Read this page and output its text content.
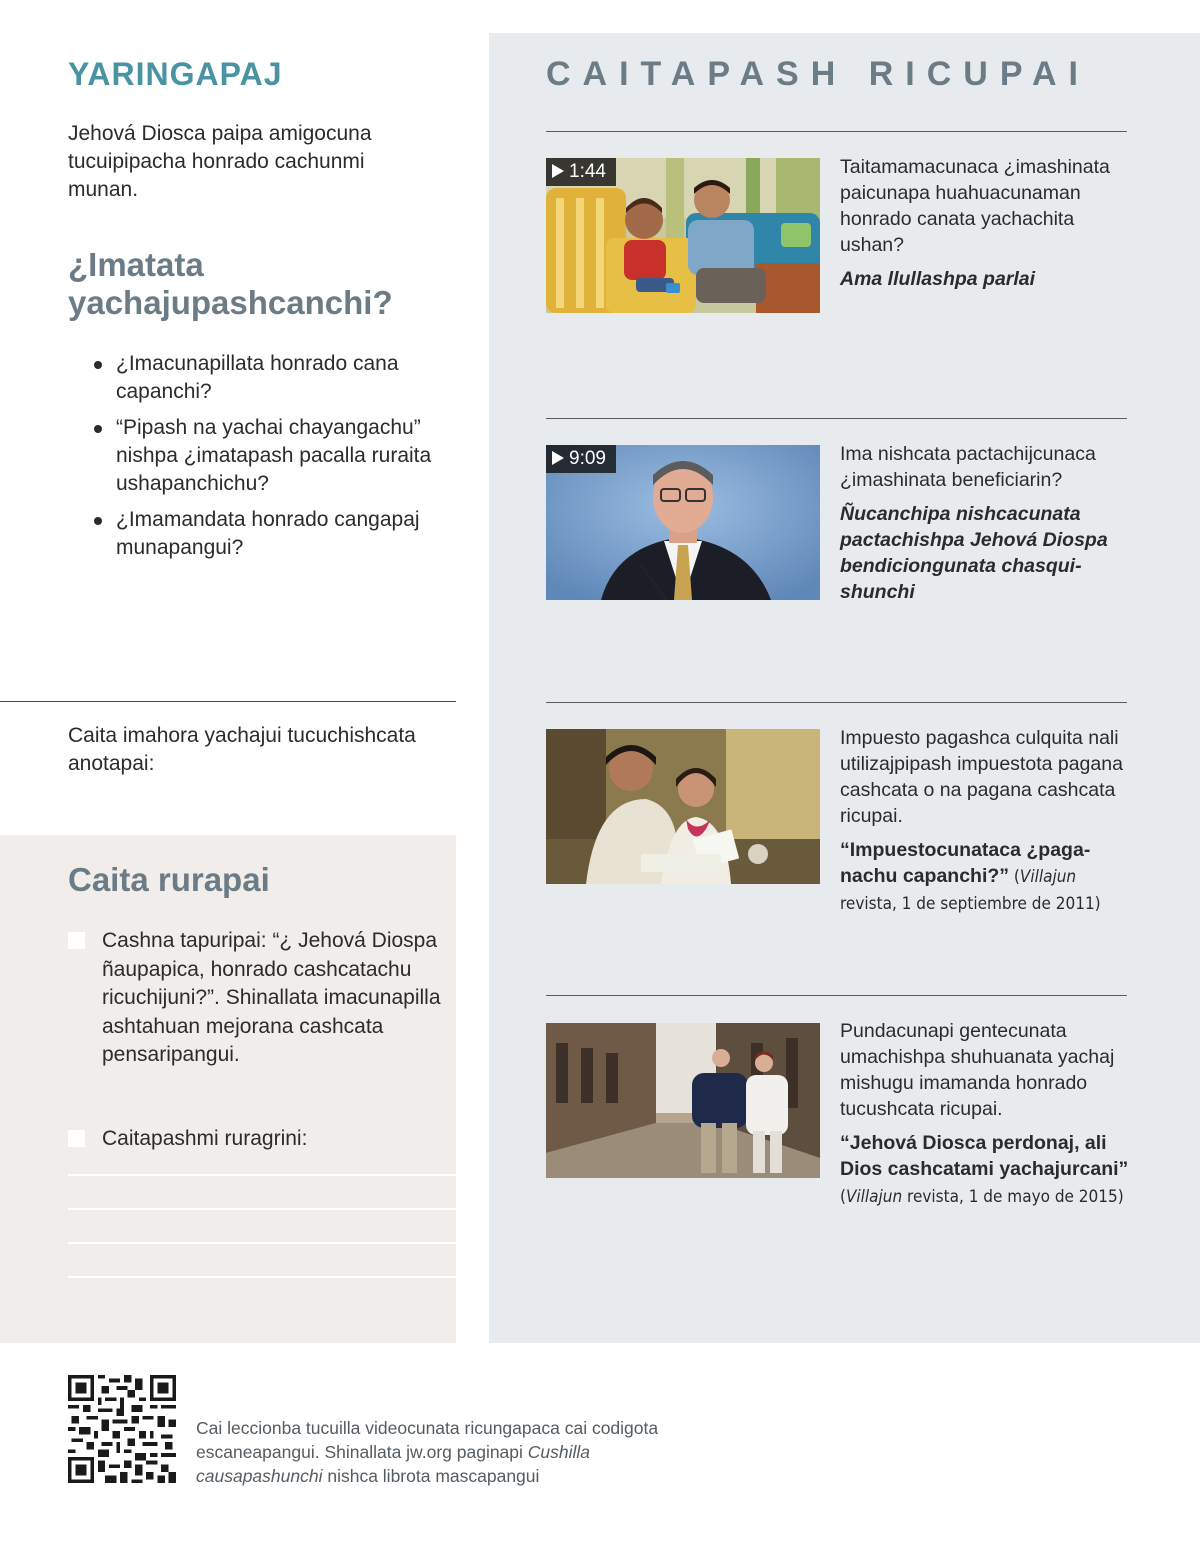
YARINGAPAJ

Jehová Diosca paipa amigocuna tucuipipacha honrado cachunmi munan.

¿Imatata yachajupashcanchi?
¿Imacunapillata honrado cana capanchi?
“Pipash na yachai chayangachu” nishpa ¿imatapash pacalla ruraita ushapanchichu?
¿Imamandata honrado cangapaj munapangui?

Caita imahora yachajui tucuchishcata anotapai:

Caita rurapai
Cashna tapuripai: “¿ Jehová Diospa ñaupapica, honrado cashcatachu ricuchijuni?”. Shinallata imacunapilla ashtahuan mejorana cashcata pensaripangui.
Caitapashmi ruragrini:
CAITAPASH RICUPAI
1:44	Taitamamacunaca ¿imashinata paicunapa huahuacunaman honrado canata yachachita ushan?
Ama llullashpa parlai
9:09	Ima nishcata pactachijcunaca ¿imashinata beneficiarin?
Ñucanchipa nishcacunata pactachishpa Jehová Diospa bendiciongunata chasquishunchi
Impuesto pagashca culquita nali utilizajpipash impuestota pagana cashcata o na pagana cashcata ricupai.
“Impuestocunataca ¿paganachu capanchi?” (Villajun revista, 1 de septiembre de 2011)
Pundacunapi gentecunata umachishpa shuhuanata yachaj mishugu imamanda honrado tucushcata ricupai.
“Jehová Diosca perdonaj, ali Dios cashcatami yachajurcani” (Villajun revista, 1 de mayo de 2015)

Cai leccionba tucuilla videocunata ricungapaca cai codigota escaneapangui. Shinallata jw.org paginapi Cushilla causapashunchi nishca librota mascapangui
